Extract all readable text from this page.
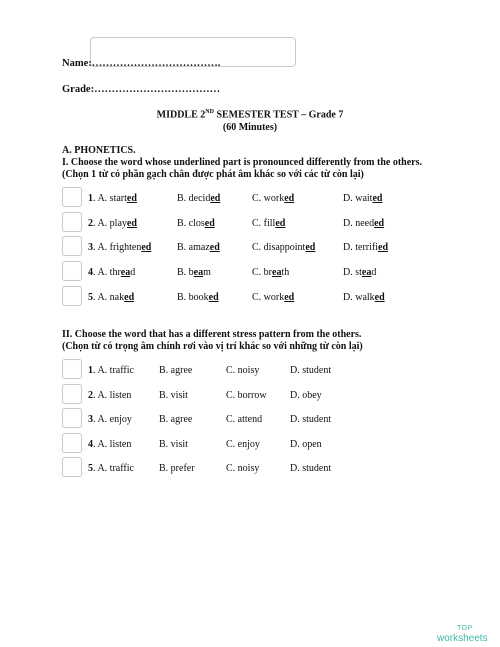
Name:……………………………….
Grade:………………………………
MIDDLE 2ND SEMESTER TEST – Grade 7
(60 Minutes)
A. PHONETICS.
I. Choose the word whose underlined part is pronounced differently from the others.
(Chọn 1 từ có phần gạch chân được phát âm khác so với các từ còn lại)
1. A. started	B. decided	C. worked	D. waited
2. A. played	B. closed	C. filled	D. needed
3. A. frightened	B. amazed	C. disappointed	D. terrified
4. A. thread	B. beam	C. breath	D. stead
5. A. naked	B. booked	C. worked	D. walked
II. Choose the word that has a different stress pattern from the others.
(Chọn từ có trọng âm chính rơi vào vị trí khác so với những từ còn lại)
1. A. traffic	B. agree	C. noisy	D. student
2. A. listen	B. visit	C. borrow D. obey
3. A. enjoy	B. agree	C. attend	D. student
4. A. listen	B. visit	C. enjoy	D. open
5. A. traffic	B. prefer	C. noisy	D. student
TOP
worksheets
